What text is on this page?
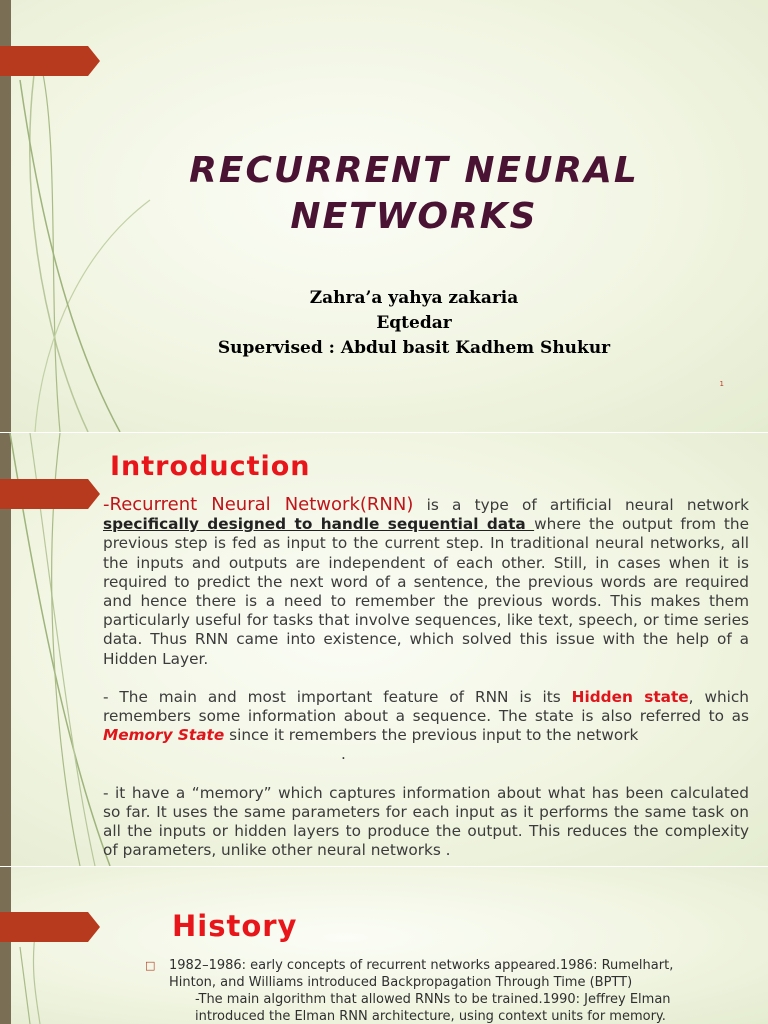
RECURRENT NEURAL
NETWORKS
Zahra’a yahya zakaria
Eqtedar
Supervised : Abdul basit Kadhem Shukur
1
Introduction

-Recurrent Neural Network(RNN) is a type of artificial neural network specifically designed to handle sequential data where the output from the previous step is fed as input to the current step. In traditional neural networks, all the inputs and outputs are independent of each other. Still, in cases when it is required to predict the next word of a sentence, the previous words are required and hence there is a need to remember the previous words. This makes them particularly useful for tasks that involve sequences, like text, speech, or time series data. Thus RNN came into existence, which solved this issue with the help of a Hidden Layer.

- The main and most important feature of RNN is its Hidden state, which remembers some information about a sequence. The state is also referred to as Memory State since it remembers the previous input to the network

.

- it have a “memory” which captures information about what has been calculated so far. It uses the same parameters for each input as it performs the same task on all the inputs or hidden layers to produce the output. This reduces the complexity of parameters, unlike other neural networks .

History
□ 1982–1986: early concepts of recurrent networks appeared.1986: Rumelhart, Hinton, and Williams introduced Backpropagation Through Time (BPTT)
-The main algorithm that allowed RNNs to be trained.1990: Jeffrey Elman introduced the Elman RNN architecture, using context units for memory.
